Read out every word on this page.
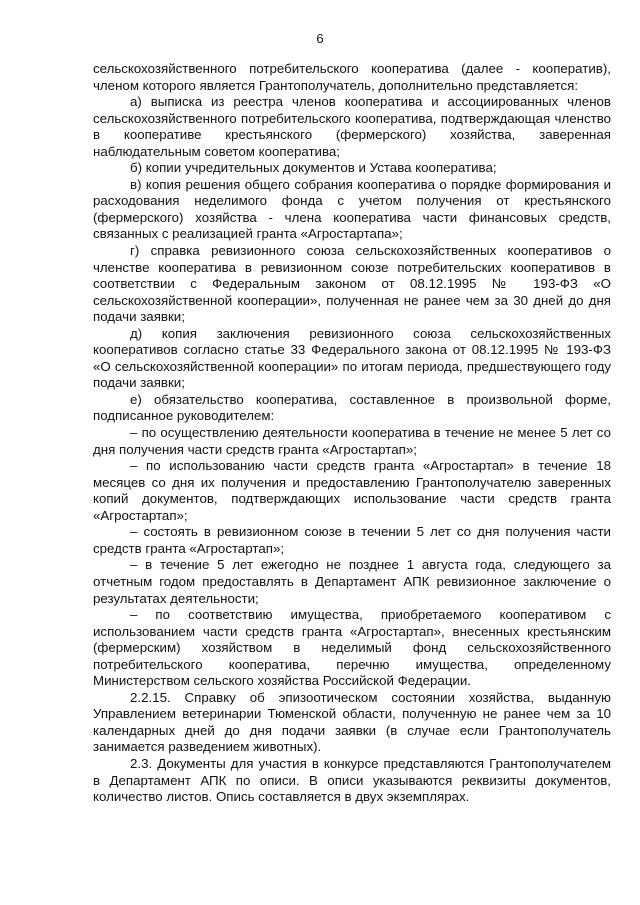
6

сельскохозяйственного потребительского кооператива (далее - кооператив), членом которого является Грантополучатель, дополнительно представляется:

а) выписка из реестра членов кооператива и ассоциированных членов сельскохозяйственного потребительского кооператива, подтверждающая членство в кооперативе крестьянского (фермерского) хозяйства, заверенная наблюдательным советом кооператива;

б) копии учредительных документов и Устава кооператива;

в) копия решения общего собрания кооператива о порядке формирования и расходования неделимого фонда с учетом получения от крестьянского (фермерского) хозяйства - члена кооператива части финансовых средств, связанных с реализацией гранта «Агростартапа»;

г) справка ревизионного союза сельскохозяйственных кооперативов о членстве кооператива в ревизионном союзе потребительских кооперативов в соответствии с Федеральным законом от 08.12.1995 № 193-ФЗ «О сельскохозяйственной кооперации», полученная не ранее чем за 30 дней до дня подачи заявки;

д) копия заключения ревизионного союза сельскохозяйственных кооперативов согласно статье 33 Федерального закона от 08.12.1995 № 193-ФЗ «О сельскохозяйственной кооперации» по итогам периода, предшествующего году подачи заявки;

е) обязательство кооператива, составленное в произвольной форме, подписанное руководителем:

– по осуществлению деятельности кооператива в течение не менее 5 лет со дня получения части средств гранта «Агростартап»;

– по использованию части средств гранта «Агростартап» в течение 18 месяцев со дня их получения и предоставлению Грантополучателю заверенных копий документов, подтверждающих использование части средств гранта «Агростартап»;

– состоять в ревизионном союзе в течении 5 лет со дня получения части средств гранта «Агростартап»;

– в течение 5 лет ежегодно не позднее 1 августа года, следующего за отчетным годом предоставлять в Департамент АПК ревизионное заключение о результатах деятельности;

– по соответствию имущества, приобретаемого кооперативом с использованием части средств гранта «Агростартап», внесенных крестьянским (фермерским) хозяйством в неделимый фонд сельскохозяйственного потребительского кооператива, перечню имущества, определенному Министерством сельского хозяйства Российской Федерации.

2.2.15. Справку об эпизоотическом состоянии хозяйства, выданную Управлением ветеринарии Тюменской области, полученную не ранее чем за 10 календарных дней до дня подачи заявки (в случае если Грантополучатель занимается разведением животных).

2.3. Документы для участия в конкурсе представляются Грантополучателем в Департамент АПК по описи. В описи указываются реквизиты документов, количество листов. Опись составляется в двух экземплярах.
